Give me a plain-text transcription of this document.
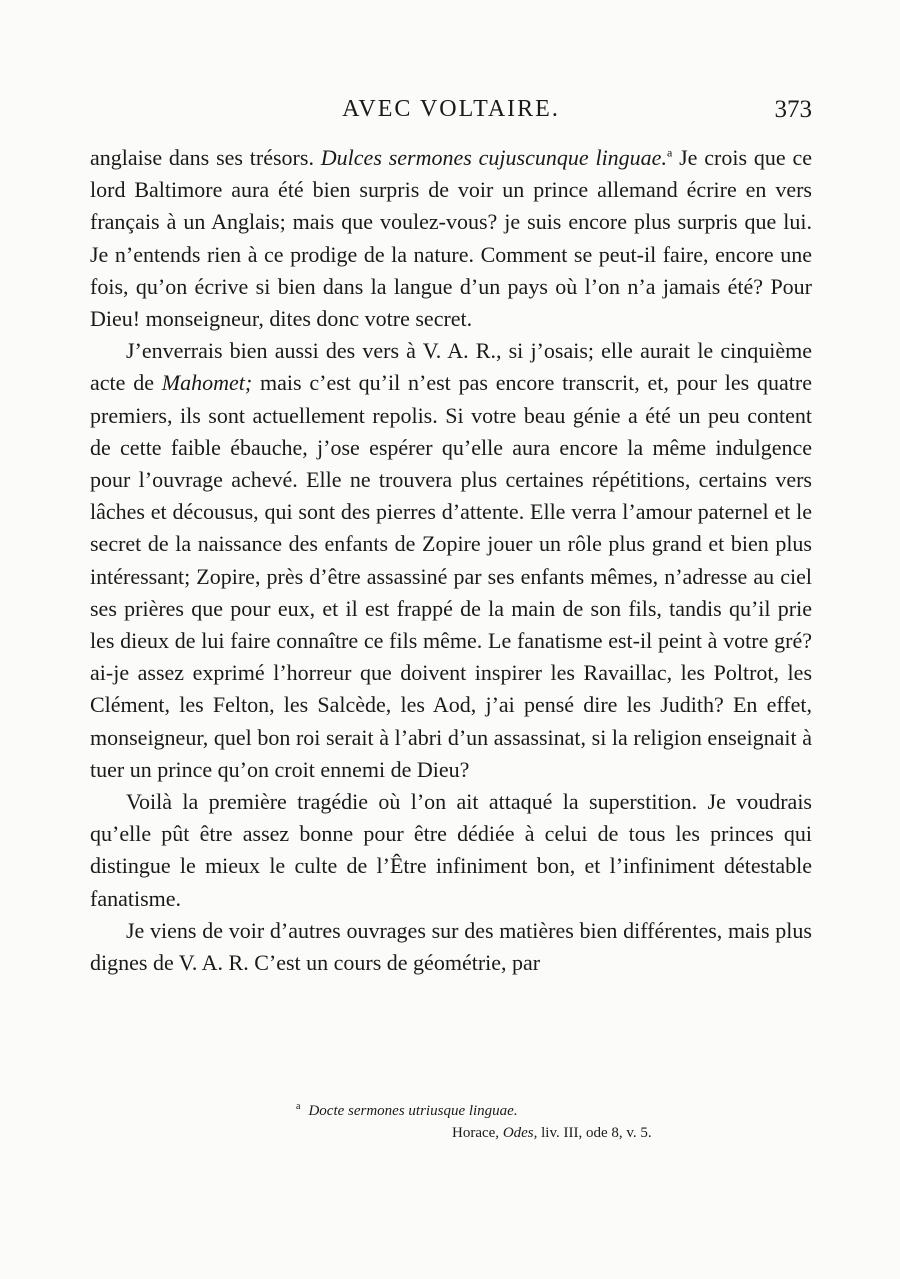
AVEC VOLTAIRE.	373

anglaise dans ses trésors. Dulces sermones cujuscunque linguae.$^a$ Je crois que ce lord Baltimore aura été bien surpris de voir un prince allemand écrire en vers français à un Anglais; mais que voulez-vous? je suis encore plus surpris que lui. Je n’entends rien à ce prodige de la nature. Comment se peut-il faire, encore une fois, qu’on écrive si bien dans la langue d’un pays où l’on n’a jamais été? Pour Dieu! monseigneur, dites donc votre secret.

J’enverrais bien aussi des vers à V. A. R., si j’osais; elle aurait le cinquième acte de Mahomet; mais c’est qu’il n’est pas encore transcrit, et, pour les quatre premiers, ils sont actuellement repolis. Si votre beau génie a été un peu content de cette faible ébauche, j’ose espérer qu’elle aura encore la même indulgence pour l’ouvrage achevé. Elle ne trouvera plus certaines répétitions, certains vers lâches et décousus, qui sont des pierres d’attente. Elle verra l’amour paternel et le secret de la naissance des enfants de Zopire jouer un rôle plus grand et bien plus intéressant; Zopire, près d’être assassiné par ses enfants mêmes, n’adresse au ciel ses prières que pour eux, et il est frappé de la main de son fils, tandis qu’il prie les dieux de lui faire connaître ce fils même. Le fanatisme est-il peint à votre gré? ai-je assez exprimé l’horreur que doivent inspirer les Ravaillac, les Poltrot, les Clément, les Felton, les Salcède, les Aod, j’ai pensé dire les Judith? En effet, monseigneur, quel bon roi serait à l’abri d’un assassinat, si la religion enseignait à tuer un prince qu’on croit ennemi de Dieu?

Voilà la première tragédie où l’on ait attaqué la superstition. Je voudrais qu’elle pût être assez bonne pour être dédiée à celui de tous les princes qui distingue le mieux le culte de l’Être infiniment bon, et l’infiniment détestable fanatisme.

Je viens de voir d’autres ouvrages sur des matières bien différentes, mais plus dignes de V. A. R. C’est un cours de géométrie, par

$^a$ Docte sermones utriusque linguae.
Horace, Odes, liv. III, ode 8, v. 5.
